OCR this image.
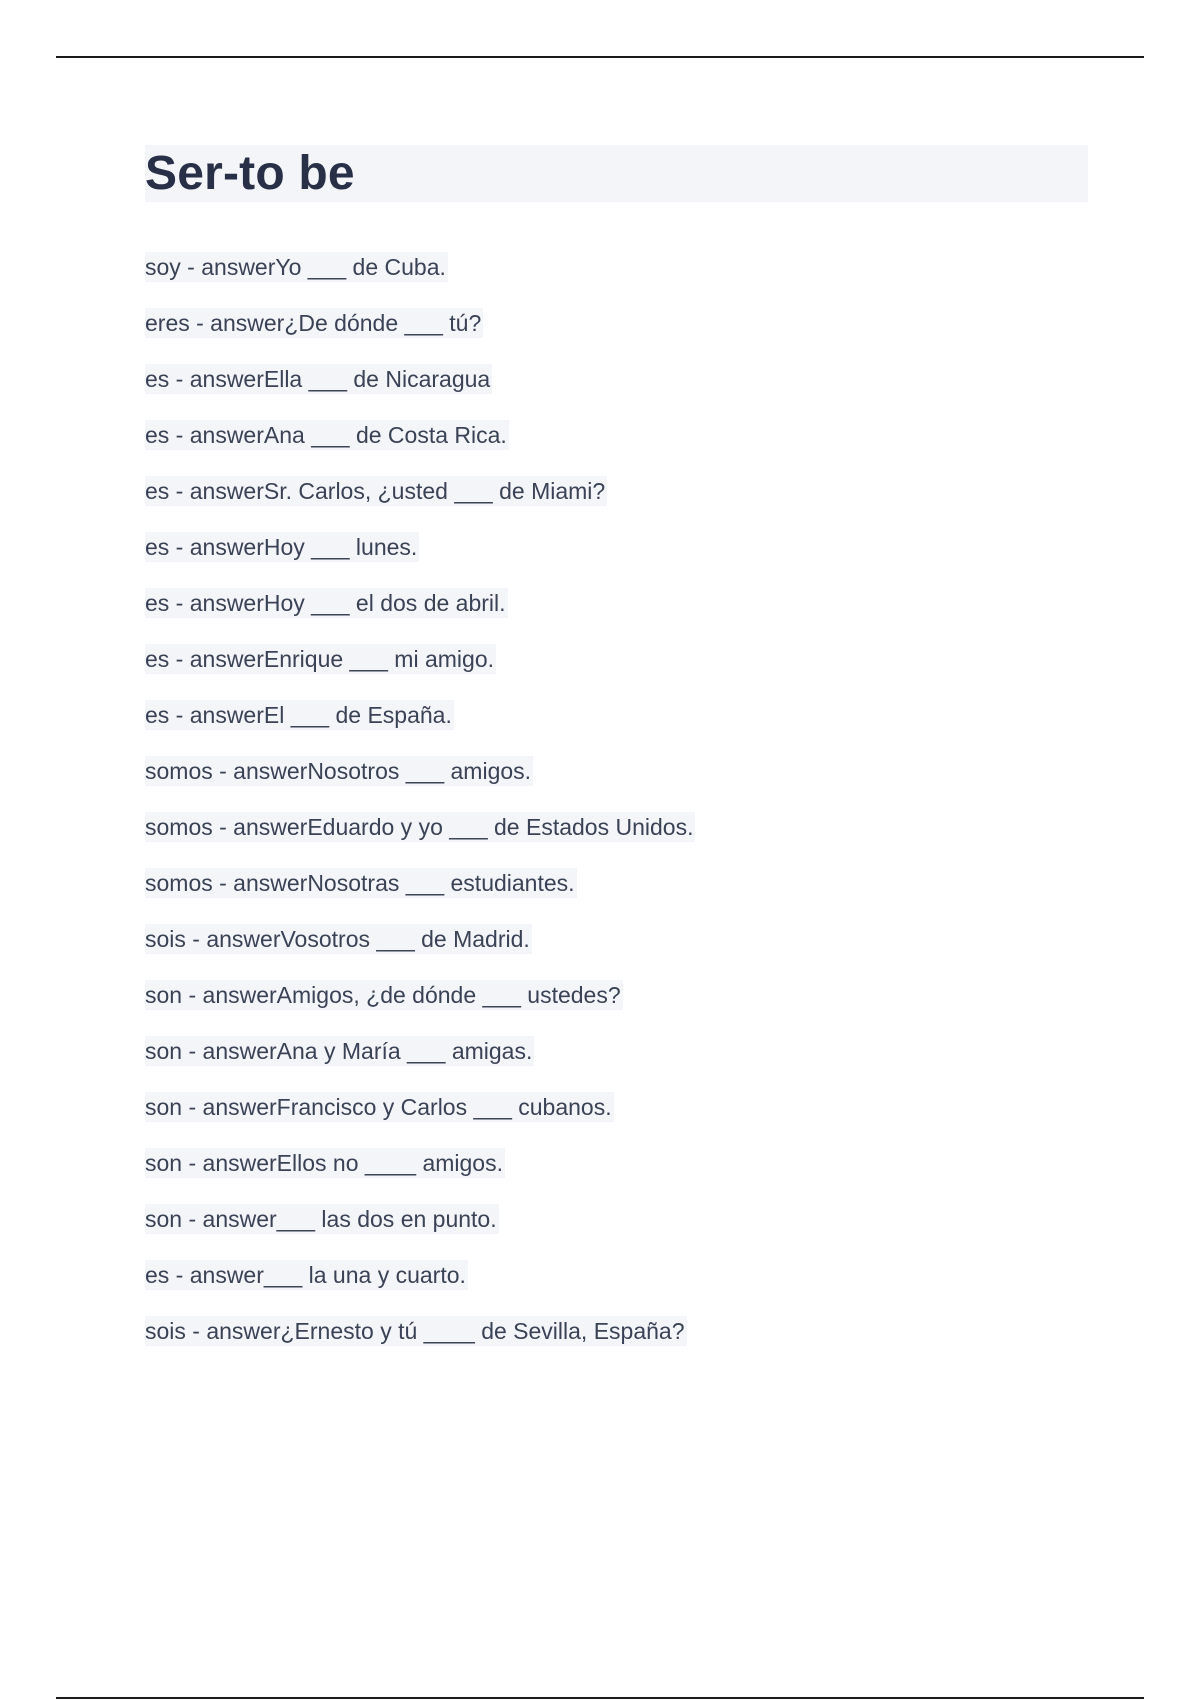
Ser-to be
soy - answerYo ___ de Cuba.
eres - answer¿De dónde ___ tú?
es - answerElla ___ de Nicaragua
es - answerAna ___ de Costa Rica.
es - answerSr. Carlos, ¿usted ___ de Miami?
es - answerHoy ___ lunes.
es - answerHoy ___ el dos de abril.
es - answerEnrique ___ mi amigo.
es - answerEl ___ de España.
somos - answerNosotros ___ amigos.
somos - answerEduardo y yo ___ de Estados Unidos.
somos - answerNosotras ___ estudiantes.
sois - answerVosotros ___ de Madrid.
son - answerAmigos, ¿de dónde ___ ustedes?
son - answerAna y María ___ amigas.
son - answerFrancisco y Carlos ___ cubanos.
son - answerEllos no ____ amigos.
son - answer___ las dos en punto.
es - answer___ la una y cuarto.
sois - answer¿Ernesto y tú ____ de Sevilla, España?
